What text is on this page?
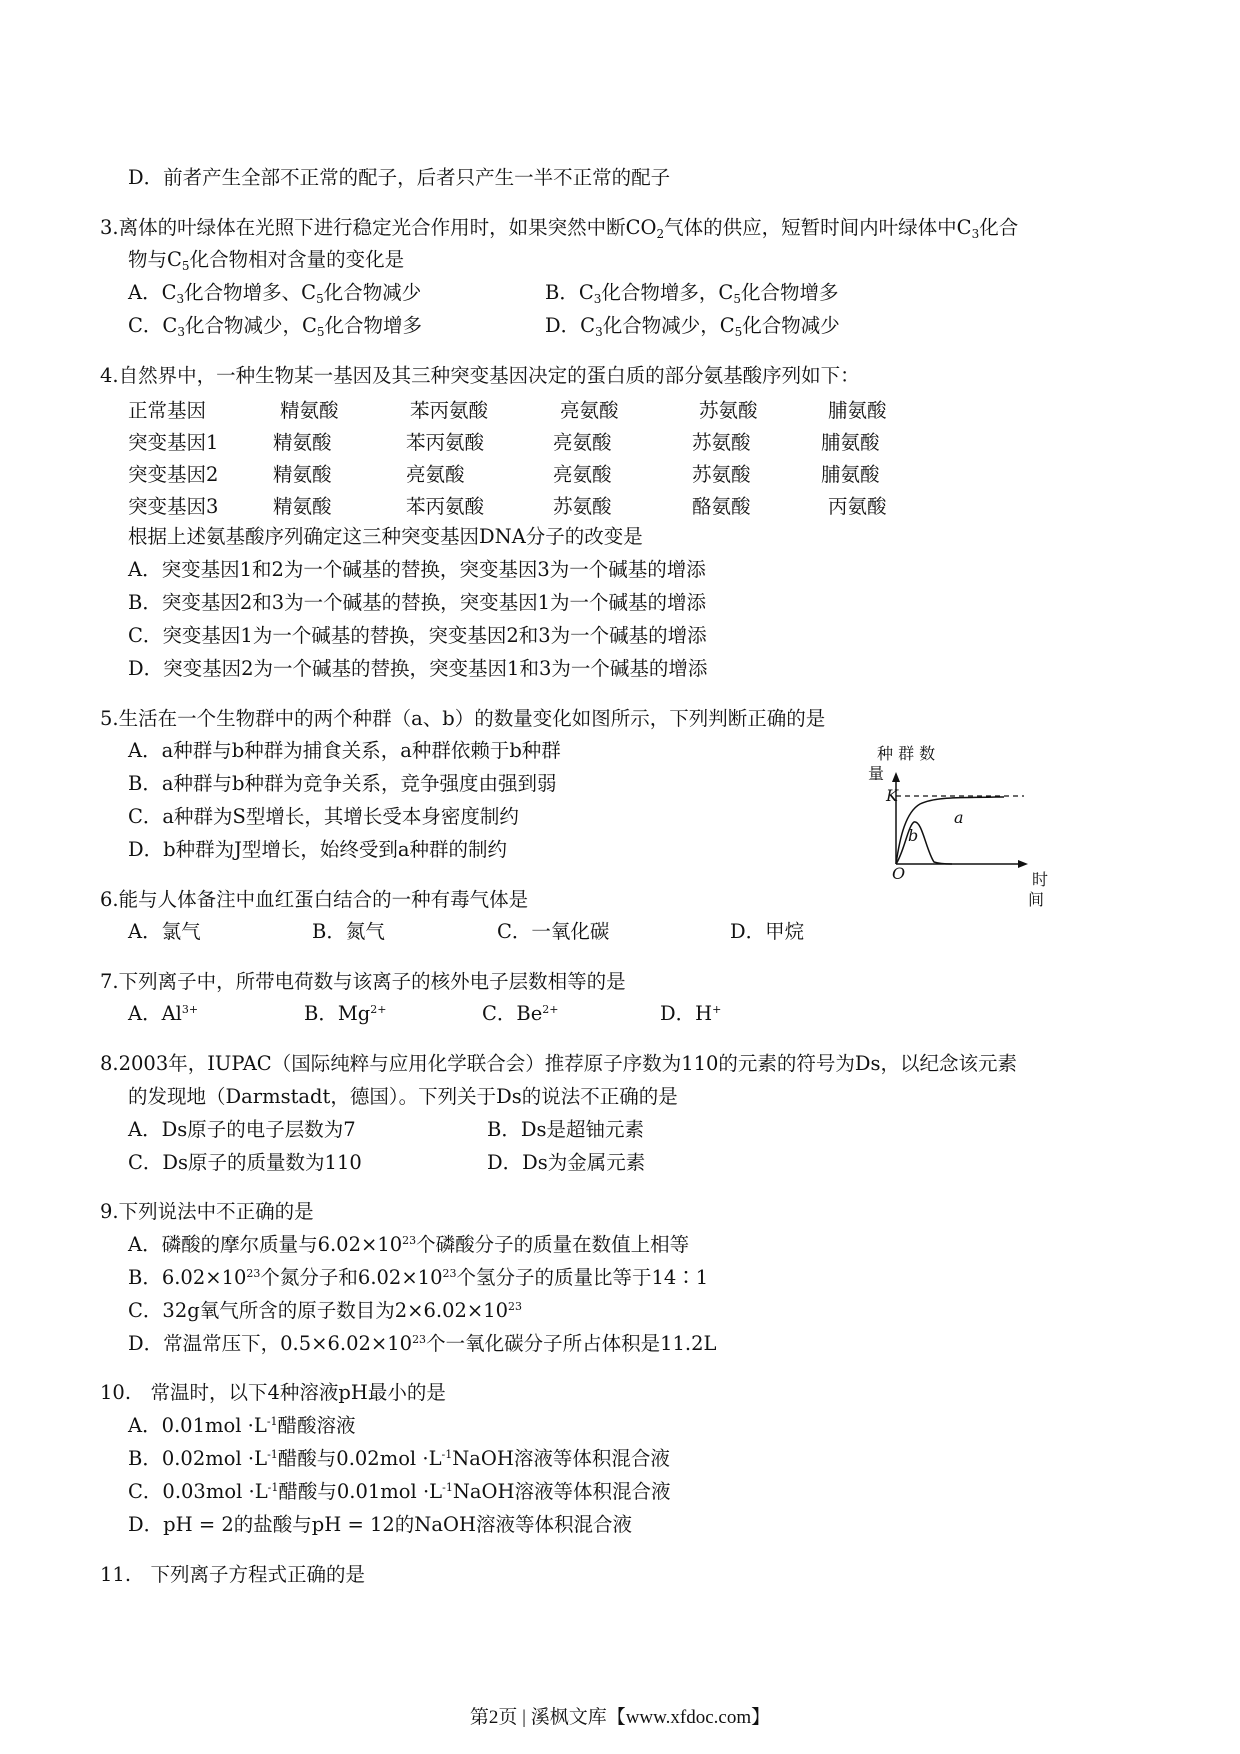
D．前者产生全部不正常的配子，后者只产生一半不正常的配子
3.离体的叶绿体在光照下进行稳定光合作用时，如果突然中断$CO_2$气体的供应，短暂时间内叶绿体中$C_3$化合
物与$C_5$化合物相对含量的变化是
A．$C_3$化合物增多、$C_5$化合物减少	B．$C_3$化合物增多，$C_5$化合物增多
C．$C_3$化合物减少，$C_5$化合物增多	D．$C_3$化合物减少，$C_5$化合物减少
4.自然界中，一种生物某一基因及其三种突变基因决定的蛋白质的部分氨基酸序列如下：
正常基因	精氨酸	苯丙氨酸	亮氨酸	苏氨酸	脯氨酸
突变基因1	精氨酸	苯丙氨酸	亮氨酸	苏氨酸	脯氨酸
突变基因2	精氨酸	亮氨酸	亮氨酸	苏氨酸	脯氨酸
突变基因3	精氨酸	苯丙氨酸	苏氨酸	酪氨酸	丙氨酸
根据上述氨基酸序列确定这三种突变基因DNA分子的改变是
A．突变基因1和2为一个碱基的替换，突变基因3为一个碱基的增添
B．突变基因2和3为一个碱基的替换，突变基因1为一个碱基的增添
C．突变基因1为一个碱基的替换，突变基因2和3为一个碱基的增添
D．突变基因2为一个碱基的替换，突变基因1和3为一个碱基的增添
5.生活在一个生物群中的两个种群（a、b）的数量变化如图所示，下列判断正确的是
A．a种群与b种群为捕食关系，a种群依赖于b种群
B．a种群与b种群为竞争关系，竞争强度由强到弱
C．a种群为S型增长，其增长受本身密度制约
D．b种群为J型增长，始终受到a种群的制约
种 群 数
量
K
a
b
O	时
间
6.能与人体备注中血红蛋白结合的一种有毒气体是
A．氯气	B．氮气	C．一氧化碳	D．甲烷
7.下列离子中，所带电荷数与该离子的核外电子层数相等的是
A．$Al^{3+}$	B．$Mg^{2+}$	C．$Be^{2+}$	D．H+
8.2003年，IUPAC（国际纯粹与应用化学联合会）推荐原子序数为110的元素的符号为Ds，以纪念该元素
的发现地（Darmstadt，德国）。下列关于Ds的说法不正确的是
A．Ds原子的电子层数为7	B．Ds是超铀元素
C．Ds原子的质量数为110	D．Ds为金属元素
9.下列说法中不正确的是
A．磷酸的摩尔质量与$6.02\times 10^{23}$个磷酸分子的质量在数值上相等
B．$6.02\times 10^{23}$个氮分子和$6.02\times 10^{23}$个氢分子的质量比等于14∶1
C．32g氧气所含的原子数目为$2\times 6.02\times 10^{23}$
D．常温常压下，$0.5\times 6.02\times 10^{23}$个一氧化碳分子所占体积是11.2L
10.　常温时，以下4种溶液pH最小的是
A．$0.01mol \cdot L^{-1}$醋酸溶液
B．$0.02mol \cdot L^{-1}$醋酸与$0.02mol \cdot L^{-1}NaOH$溶液等体积混合液
C．$0.03mol \cdot L^{-1}$醋酸与$0.01mol \cdot L^{-1}NaOH$溶液等体积混合液
D．pH = 2的盐酸与pH = 12的NaOH溶液等体积混合液
11.　下列离子方程式正确的是
第2页 | 溪枫文库【www.xfdoc.com】
